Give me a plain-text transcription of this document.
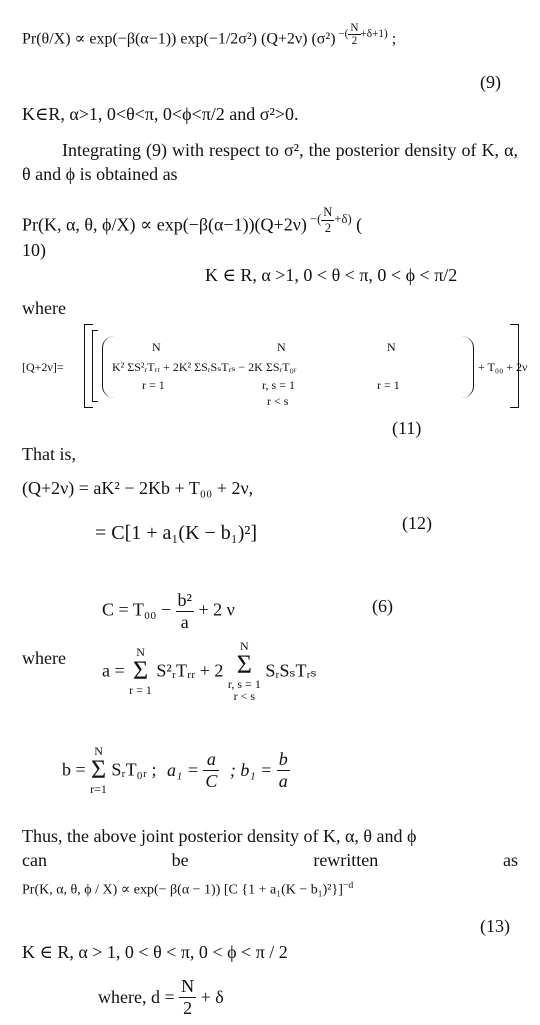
Pr(θ/X) ∝ exp(−β(α−1)) exp(−1/2σ²) (Q+2ν) (σ²) $^{-( \frac{N}{2} +\delta+1)}$ ;
(9)
K∈R, α>1, 0<θ<π, 0<ϕ<π/2 and σ²>0.
Integrating (9) with respect to σ², the posterior density of K, α, θ and ϕ is obtained as
Pr(K, α, θ, ϕ/X) ∝ exp(−β(α−1))(Q+2ν) $^{-( \frac{N}{2} +\delta)}$ (
10)
K ∈ R, α >1, 0 < θ < π, 0 < ϕ < π/2
where
[Q+2ν]=	K² ΣS²ᵣTᵣᵣ + 2K² ΣSᵣSₛTᵣₛ − 2K ΣSᵣT₀ᵣ
N
r = 1
N
r, s = 1
r < s
N
r = 1
+ T₀₀ + 2ν
(11)
That is,
(Q+2ν) = aK² − 2Kb + T₀₀ + 2ν,
= C[1 + a₁(K − b₁)²]	(12)
$C = T_{00} - \frac{\text{b²}}{a} + 2$ ν	(6)
where
a =
N
Σ
r = 1
S²ᵣTᵣᵣ + 2
N
Σ
r, s = 1
r < s
SᵣSₛTᵣₛ
b =
N
Σ
r=1
SᵣT₀ᵣ ; $a_1 = \frac{a}{C}$ ; $b_1 = \frac{b}{a}$
Thus, the above joint posterior density of K, α, θ and ϕ
can	be	rewritten	as
Pr(K, α, θ, ϕ / X) ∝ exp(− β(α − 1)) [C {1 + a₁(K − b₁)²}]$^{-d}$
(13)
K ∈ R, α > 1, 0 < θ < π, 0 < ϕ < π / 2
where, $d = \frac{N}{2} + \delta$
